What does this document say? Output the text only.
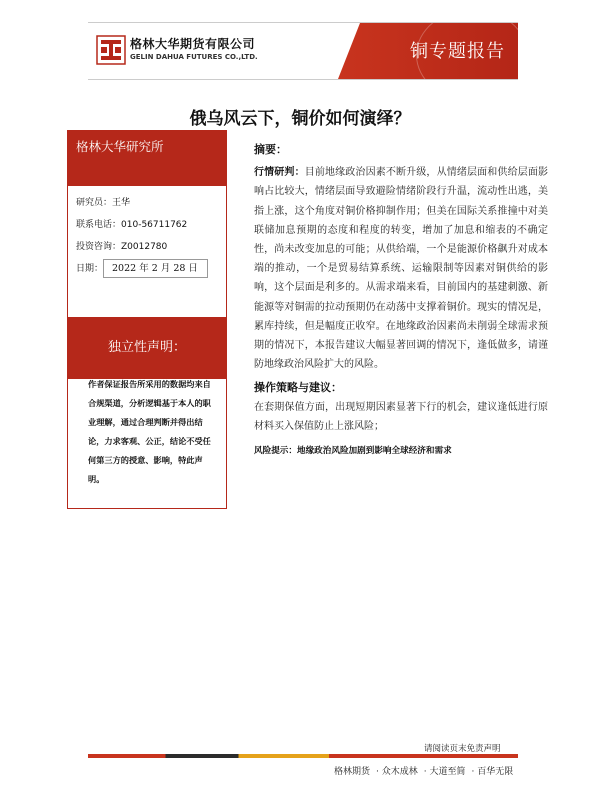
格林大华期货有限公司
GELIN DAHUA FUTURES CO.,LTD.	铜专题报告
俄乌风云下，铜价如何演绎？
格林大华研究所
研究员：王华
联系电话：010-56711762
投资咨询：Z0012780
日期： 2022 年 2 月 28 日
独立性声明：
作者保证报告所采用的数据均来自合规渠道，分析逻辑基于本人的职业理解，通过合理判断并得出结论，力求客观、公正，结论不受任何第三方的授意、影响，特此声明。
摘要：

行情研判：目前地缘政治因素不断升级，从情绪层面和供给层面影响占比较大，情绪层面导致避险情绪阶段行升温，流动性出逃，美指上涨，这个角度对铜价格抑制作用；但美在国际关系推撞中对美联储加息预期的态度和程度的转变，增加了加息和缩表的不确定性，尚未改变加息的可能；从供给端，一个是能源价格飙升对成本端的推动，一个是贸易结算系统、运输限制等因素对铜供给的影响，这个层面是利多的。从需求端来看，目前国内的基建刺激、新能源等对铜需的拉动预期仍在动荡中支撑着铜价。现实的情况是，累库持续，但是幅度正收窄。在地缘政治因素尚未削弱全球需求预期的情况下，本报告建议大幅显著回调的情况下，逢低做多，请谨防地缘政治风险扩大的风险。

操作策略与建议：

在套期保值方面，出现短期因素显著下行的机会，建议逢低进行原材料买入保值防止上涨风险；

风险提示：地缘政治风险加剧到影响全球经济和需求
请阅读页末免责声明
格林期货 · 众木成林 · 大道至简 · 百华无限
